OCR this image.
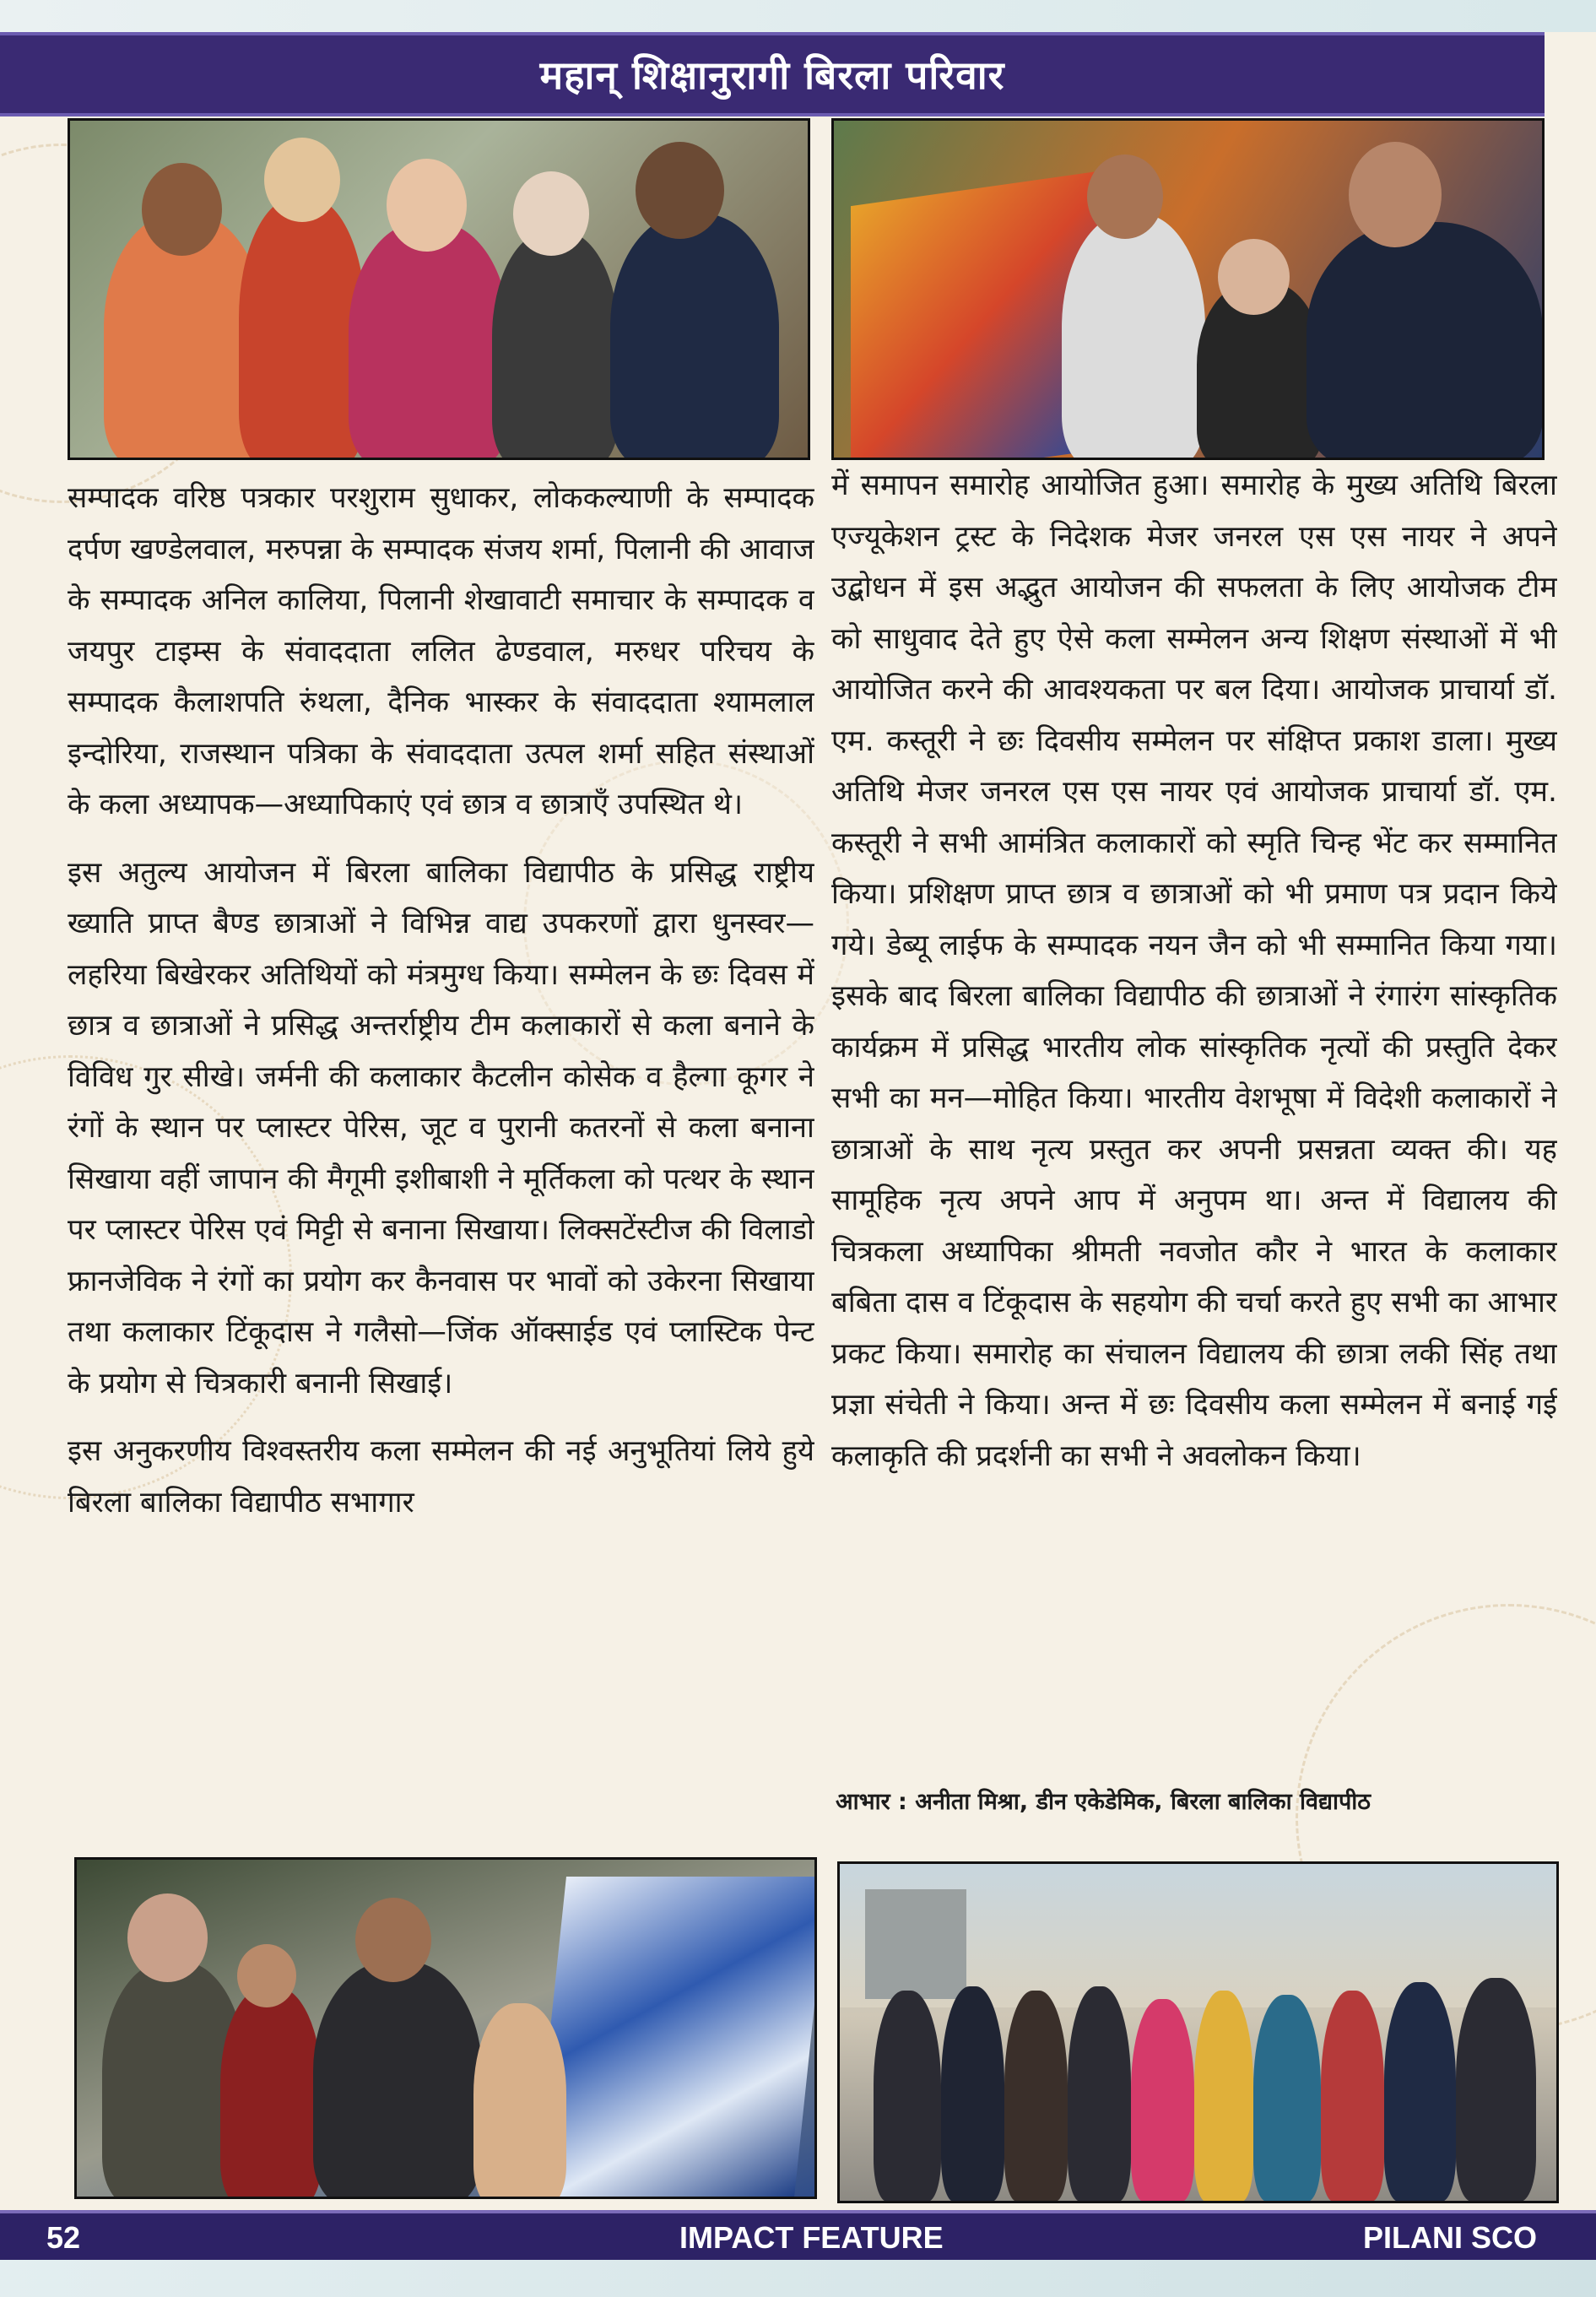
महान् शिक्षानुरागी बिरला परिवार

सम्पादक वरिष्ठ पत्रकार परशुराम सुधाकर, लोककल्याणी के सम्पादक दर्पण खण्डेलवाल, मरुपन्ना के सम्पादक संजय शर्मा, पिलानी की आवाज के सम्पादक अनिल कालिया, पिलानी शेखावाटी समाचार के सम्पादक व जयपुर टाइम्स के संवाददाता ललित ढेण्डवाल, मरुधर परिचय के सम्पादक कैलाशपति रुंथला, दैनिक भास्कर के संवाददाता श्यामलाल इन्दोरिया, राजस्थान पत्रिका के संवाददाता उत्पल शर्मा सहित संस्थाओं के कला अध्यापक—अध्यापिकाएं एवं छात्र व छात्राएँ उपस्थित थे।

इस अतुल्य आयोजन में बिरला बालिका विद्यापीठ के प्रसिद्ध राष्ट्रीय ख्याति प्राप्त बैण्ड छात्राओं ने विभिन्न वाद्य उपकरणों द्वारा धुनस्वर—लहरिया बिखेरकर अतिथियों को मंत्रमुग्ध किया। सम्मेलन के छः दिवस में छात्र व छात्राओं ने प्रसिद्ध अन्तर्राष्ट्रीय टीम कलाकारों से कला बनाने के विविध गुर सीखे। जर्मनी की कलाकार कैटलीन कोसेक व हैल्गा कूगर ने रंगों के स्थान पर प्लास्टर पेरिस, जूट व पुरानी कतरनों से कला बनाना सिखाया वहीं जापान की मैगूमी इशीबाशी ने मूर्तिकला को पत्थर के स्थान पर प्लास्टर पेरिस एवं मिट्टी से बनाना सिखाया। लिक्सटेंस्टीज की विलाडो फ्रानजेविक ने रंगों का प्रयोग कर कैनवास पर भावों को उकेरना सिखाया तथा कलाकार टिंकूदास ने गलैसो—जिंक ऑक्साईड एवं प्लास्टिक पेन्ट के प्रयोग से चित्रकारी बनानी सिखाई।

इस अनुकरणीय विश्वस्तरीय कला सम्मेलन की नई अनुभूतियां लिये हुये बिरला बालिका विद्यापीठ सभागार

में समापन समारोह आयोजित हुआ। समारोह के मुख्य अतिथि बिरला एज्यूकेशन ट्रस्ट के निदेशक मेजर जनरल एस एस नायर ने अपने उद्बोधन में इस अद्भुत आयोजन की सफलता के लिए आयोजक टीम को साधुवाद देते हुए ऐसे कला सम्मेलन अन्य शिक्षण संस्थाओं में भी आयोजित करने की आवश्यकता पर बल दिया। आयोजक प्राचार्या डॉ. एम. कस्तूरी ने छः दिवसीय सम्मेलन पर संक्षिप्त प्रकाश डाला। मुख्य अतिथि मेजर जनरल एस एस नायर एवं आयोजक प्राचार्या डॉ. एम. कस्तूरी ने सभी आमंत्रित कलाकारों को स्मृति चिन्ह भेंट कर सम्मानित किया। प्रशिक्षण प्राप्त छात्र व छात्राओं को भी प्रमाण पत्र प्रदान किये गये। डेब्यू लाईफ के सम्पादक नयन जैन को भी सम्मानित किया गया। इसके बाद बिरला बालिका विद्यापीठ की छात्राओं ने रंगारंग सांस्कृतिक कार्यक्रम में प्रसिद्ध भारतीय लोक सांस्कृतिक नृत्यों की प्रस्तुति देकर सभी का मन—मोहित किया। भारतीय वेशभूषा में विदेशी कलाकारों ने छात्राओं के साथ नृत्य प्रस्तुत कर अपनी प्रसन्नता व्यक्त की। यह सामूहिक नृत्य अपने आप में अनुपम था। अन्त में विद्यालय की चित्रकला अध्यापिका श्रीमती नवजोत कौर ने भारत के कलाकार बबिता दास व टिंकूदास के सहयोग की चर्चा करते हुए सभी का आभार प्रकट किया। समारोह का संचालन विद्यालय की छात्रा लकी सिंह तथा प्रज्ञा संचेती ने किया। अन्त में छः दिवसीय कला सम्मेलन में बनाई गई कलाकृति की प्रदर्शनी का सभी ने अवलोकन किया।

आभार : अनीता मिश्रा, डीन एकेडेमिक, बिरला बालिका विद्यापीठ
52	IMPACT FEATURE	PILANI SCO
